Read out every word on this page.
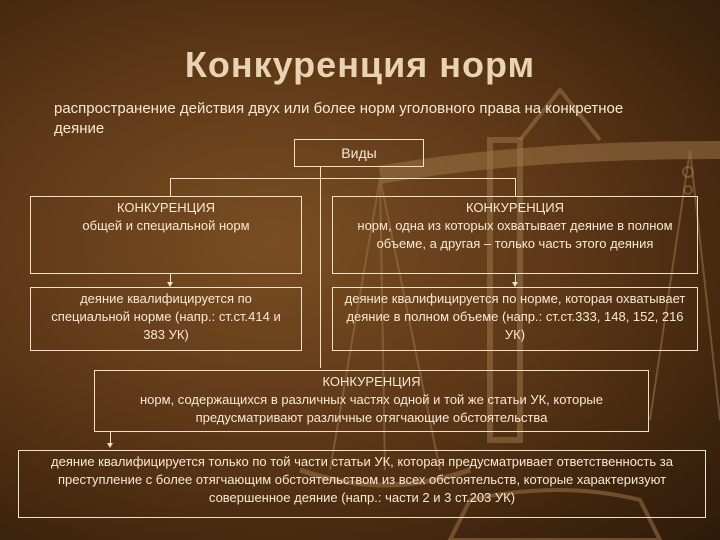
Конкуренция норм
распространение действия двух или более норм уголовного права на конкретное деяние
Виды
КОНКУРЕНЦИЯ
общей и специальной норм
КОНКУРЕНЦИЯ
норм, одна из которых охватывает деяние в полном объеме, а другая – только часть этого деяния
деяние квалифицируется по специальной норме (напр.: ст.ст.414 и 383 УК)
деяние квалифицируется по норме, которая охватывает деяние в полном объеме (напр.: ст.ст.333, 148, 152, 216 УК)
КОНКУРЕНЦИЯ
норм, содержащихся в различных частях одной и той же статьи УК, которые предусматривают различные отягчающие обстоятельства
деяние квалифицируется только по той части статьи УК, которая предусматривает ответственность за преступление с более отягчающим обстоятельством из всех обстоятельств, которые характеризуют совершенное деяние (напр.: части 2 и 3 ст.203 УК)
